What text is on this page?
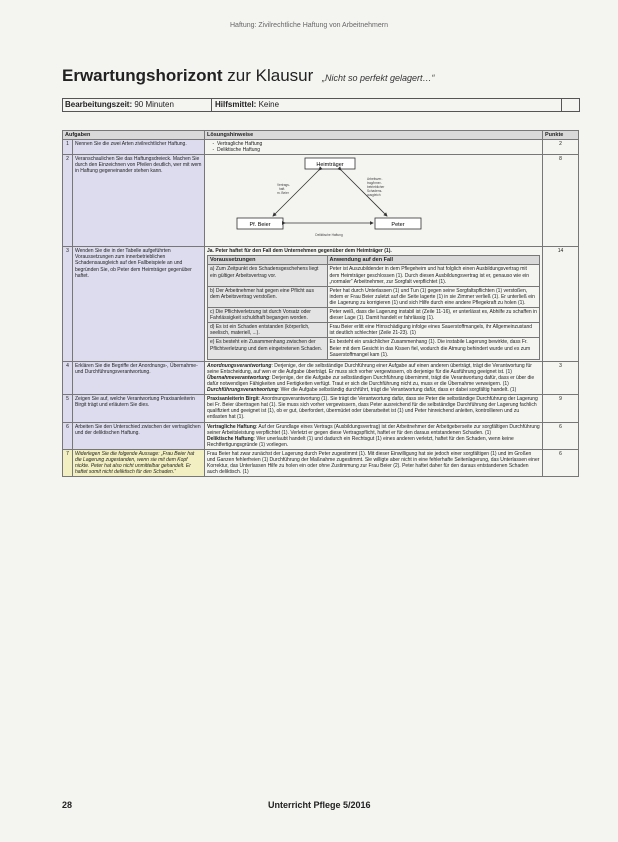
Haftung: Zivilrechtliche Haftung von Arbeitnehmern
Erwartungshorizont zur Klausur „Nicht so perfekt gelagert…“
Bearbeitungszeit: 90 Minuten	Hilfsmittel: Keine
Aufgaben	Lösungshinweise	Punkte
1	Nennen Sie die zwei Arten zivilrechtlicher Haftung.	
-Vertragliche Haftung
- Deliktische Haftung
	2
2	Veranschaulichen Sie das Haftungsdreieck. Machen Sie durch den Einzeichnen von Pfeilen deutlich, wer mit wem in Haftung gegeneinander stehen kann.	
Heimträger
Pf. Beier	Peter
Vertrags-haft. m. Beier
Arbeitsver-trag/Inner-betrieblicher Schadens-ausgleich
Deliktische Haftung
	8
3	Wenden Sie die in der Tabelle aufgeführten Voraussetzungen zum innerbetrieblichen Schadensausgleich auf den Fallbeispiele an und begründen Sie, ob Peter dem Heimträger gegenüber haftet.	
Ja. Peter haftet für den Fall dem Unternehmen gegenüber dem Heimträger (1).
Voraussetzungen	Anwendung auf den Fall
a) Zum Zeitpunkt des Schadensgeschehens liegt ein gültiger Arbeitsvertrag vor.	Peter ist Auszubildender in dem Pflegeheim und hat folglich einen Ausbildungsvertrag mit dem Heimträger geschlossen (1). Durch diesen Ausbildungsvertrag ist er, genauso wie ein „normaler“ Arbeitnehmer, zur Sorgfalt verpflichtet (1).
b) Der Arbeitnehmer hat gegen eine Pflicht aus dem Arbeitsvertrag verstoßen.	Peter hat durch Unterlassen (1) und Tun (1) gegen seine Sorgfaltspflichten (1) verstoßen, indem er Frau Beier zuletzt auf die Seite lagerte (1) in sie Zimmer verließ (1). Er unterließ ein die Lagerung zu korrigieren (1) und sich Hilfe durch eine andere Pflegekraft zu holen (1).
c) Die Pflichtverletzung ist durch Vorsatz oder Fahrlässigkeit schuldhaft begangen worden.	Peter weiß, dass die Lagerung instabil ist (Zeile 11-16), er unterlässt es, Abhilfe zu schaffen in dieser Lage (1). Damit handelt er fahrlässig (1).
d) Es ist ein Schaden entstanden (körperlich, seelisch, materiell, ...).	Frau Beier erlitt eine Hirnschädigung infolge eines Sauerstoffmangels, ihr Allgemeinzustand ist deutlich schlechter (Zeile 21-23). (1)
e) Es besteht ein Zusammenhang zwischen der Pflichtverletzung und dem eingetretenen Schaden.	Es besteht ein ursächlicher Zusammenhang (1). Die instabile Lagerung bewirkte, dass Fr. Beier mit dem Gesicht in das Kissen fiel, wodurch die Atmung behindert wurde und es zum Sauerstoffmangel kam (1).
	14
4	Erklären Sie die Begriffe der Anordnungs-, Übernahme- und Durchführungsverantwortung.	
Anordnungsverantwortung: Derjenige, der die selbständige Durchführung einer Aufgabe auf einen anderen überträgt, trägt die Verantwortung für seine Entscheidung, auf wen er die Aufgabe überträgt. Er muss sich vorher vergewissern, ob derjenige für die Ausführung geeignet ist. (1)
Übernahmeverantwortung: Derjenige, der die Aufgabe zur selbständigen Durchführung übernimmt, trägt die Verantwortung dafür, dass er über die dafür notwendigen Fähigkeiten und Fertigkeiten verfügt. Traut er sich die Durchführung nicht zu, muss er die Übernahme verweigern. (1)
Durchführungsverantwortung: Wer die Aufgabe selbständig durchführt, trägt die Verantwortung dafür, dass er dabei sorgfältig handelt. (1)
	3
5	Zeigen Sie auf, welche Verantwortung Praxisanleiterin Birgit trägt und erläutern Sie dies.	Praxisanleiterin Birgit: Anordnungsverantwortung (1). Sie trägt die Verantwortung dafür, dass sie Peter die selbständige Durchführung der Lagerung bei Fr. Beier übertragen hat (1). Sie muss sich vorher vergewissern, dass Peter ausreichend für die selbständige Durchführung der Lagerung fachlich qualifiziert und geeignet ist (1), ob er gut, überfordert, übermüdet oder überarbeitet ist (1) und Peter hinreichend anleiten, kontrollieren und zu entlasten hat (1).	9
6	Arbeiten Sie den Unterschied zwischen der vertraglichen und der deliktischen Haftung.	
Vertragliche Haftung: Auf der Grundlage eines Vertrags (Ausbildungsvertrag) ist der Arbeitnehmer der Arbeitgeberseite zur sorgfältigen Durchführung seiner Arbeitsleistung verpflichtet (1). Verletzt er gegen diese Vertragspflicht, haftet er für den daraus entstandenen Schaden. (1)
Deliktische Haftung: Wer unerlaubt handelt (1) und dadurch ein Rechtsgut (1) eines anderen verletzt, haftet für den Schaden, wenn keine Rechtfertigungsgründe (1) vorliegen.
	6
7	Widerlegen Sie die folgende Aussage: „Frau Beier hat die Lagerung zugestanden, wenn sie mit dem Kopf nickte. Peter hat also nicht unmittelbar gehandelt. Er haftet somit nicht deliktisch für den Schaden.“	Frau Beier hat zwar zunächst der Lagerung durch Peter zugestimmt (1). Mit dieser Einwilligung hat sie jedoch einer sorgfältigen (1) und im Großen und Ganzen fehlerfreien (1) Durchführung der Maßnahme zugestimmt. Sie willigte aber nicht in eine fehlerhafte Seitenlagerung, das Unterlassen einer Korrektur, das Unterlassen Hilfe zu holen ein oder ohne Zustimmung zur Frau Beier (2). Peter haftet daher für den daraus entstandenen Schaden auch deliktisch. (1)	6
28	Unterricht Pflege 5/2016
